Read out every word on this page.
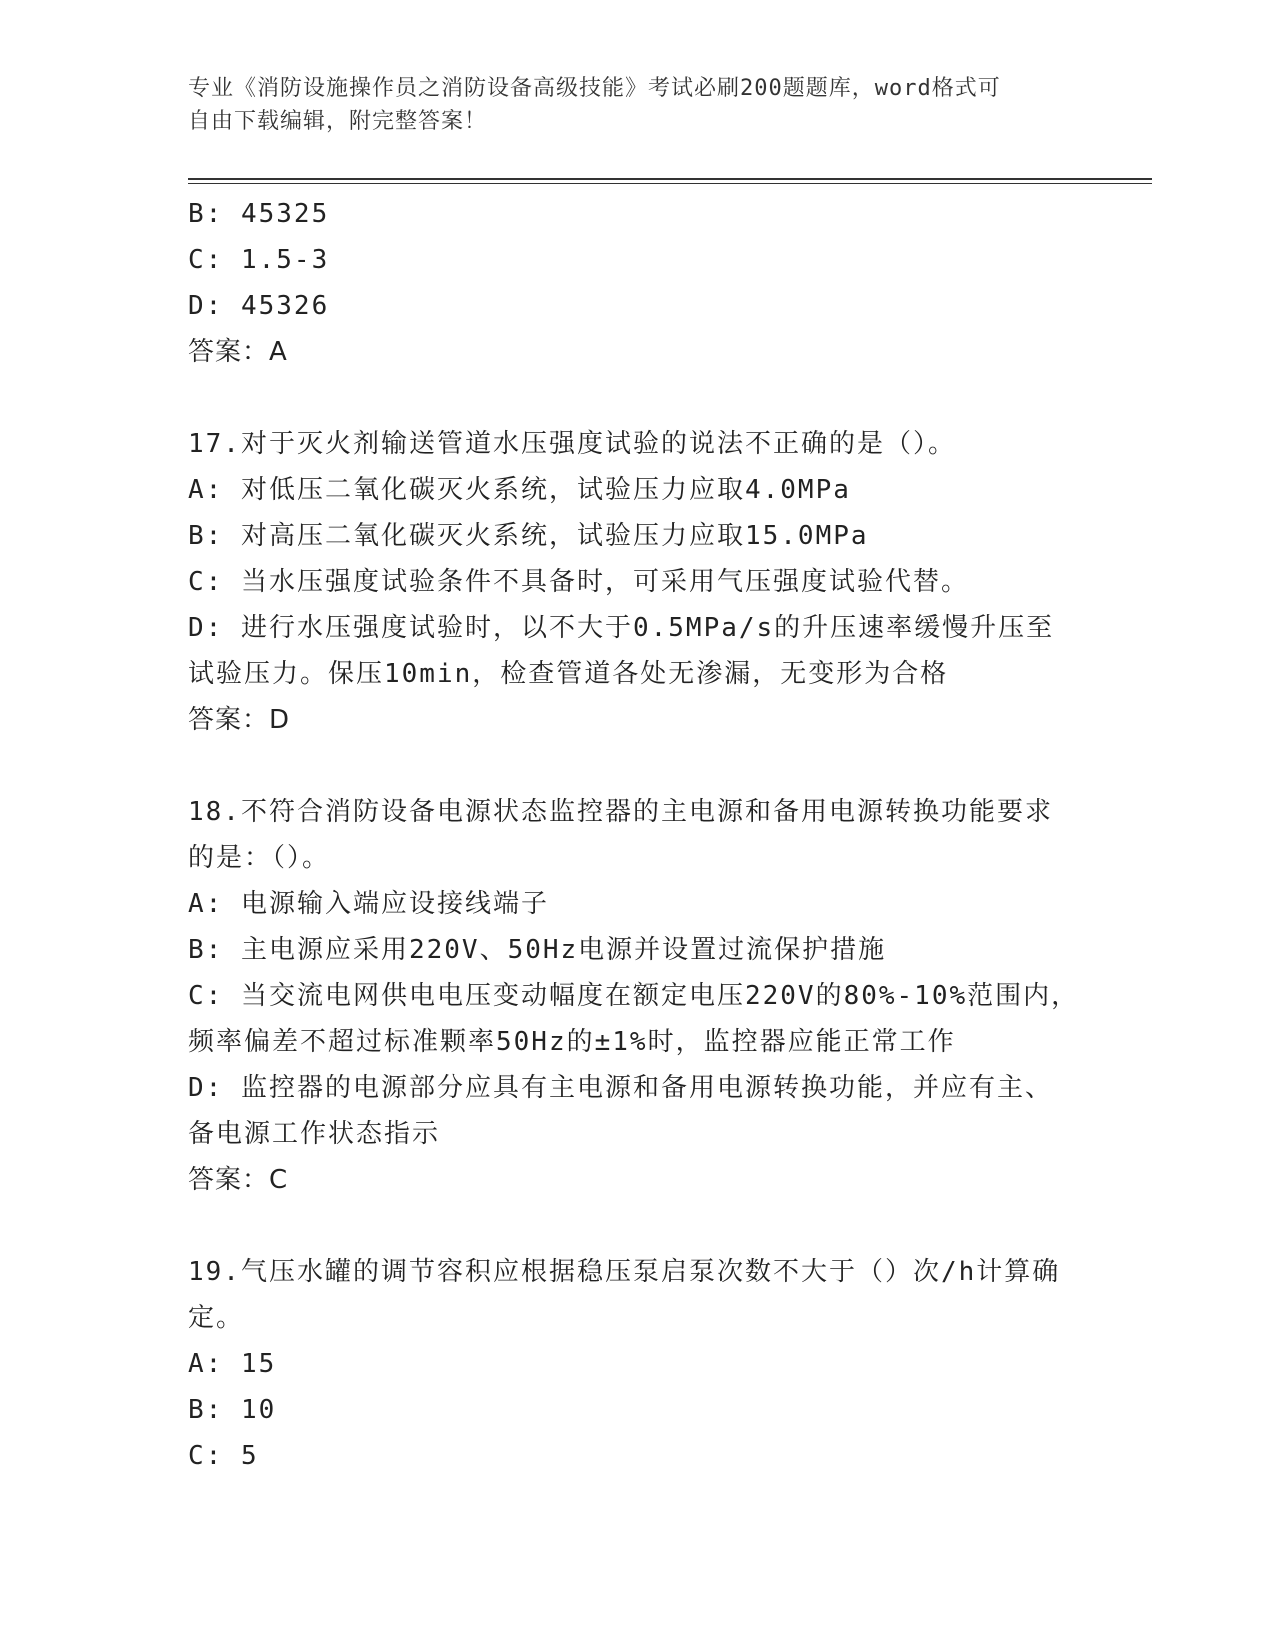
专业《消防设施操作员之消防设备高级技能》考试必刷200题题库，word格式可
自由下载编辑，附完整答案！

B: 45325

C: 1.5-3

D: 45326

答案：A

17.对于灭火剂输送管道水压强度试验的说法不正确的是（）。

A: 对低压二氧化碳灭火系统，试验压力应取4.0MPa

B: 对高压二氧化碳灭火系统，试验压力应取15.0MPa

C: 当水压强度试验条件不具备时，可采用气压强度试验代替。

D: 进行水压强度试验时，以不大于0.5MPa/s的升压速率缓慢升压至

试验压力。保压10min，检查管道各处无渗漏，无变形为合格

答案：D

18.不符合消防设备电源状态监控器的主电源和备用电源转换功能要求

的是：（）。

A: 电源输入端应设接线端子

B: 主电源应采用220V、50Hz电源并设置过流保护措施

C: 当交流电网供电电压变动幅度在额定电压220V的80%-10%范围内，

频率偏差不超过标准颗率50Hz的±1%时，监控器应能正常工作

D: 监控器的电源部分应具有主电源和备用电源转换功能，并应有主、

备电源工作状态指示

答案：C

19.气压水罐的调节容积应根据稳压泵启泵次数不大于（）次/h计算确

定。

A: 15

B: 10

C: 5
